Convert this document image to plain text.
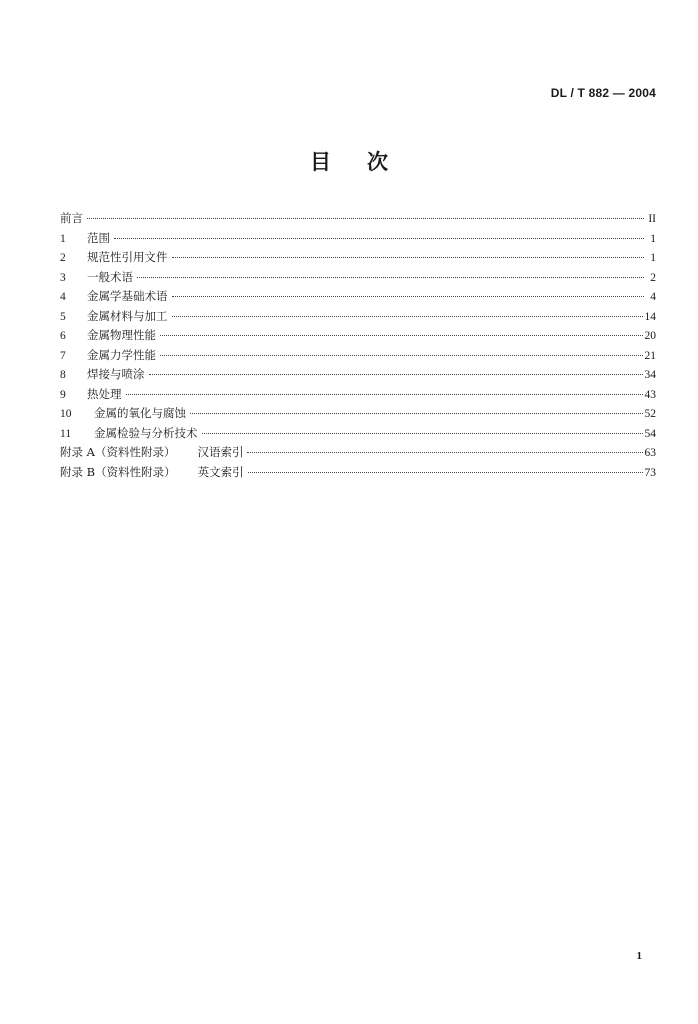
DL / T 882 — 2004
目次
前言	II
1	范围	1
2	规范性引用文件	1
3	一般术语	2
4	金属学基础术语	4
5	金属材料与加工	14
6	金属物理性能	20
7	金属力学性能	21
8	焊接与喷涂	34
9	热处理	43
10	金属的氧化与腐蚀	52
11	金属检验与分析技术	54
附录 A（资料性附录） 汉语索引	63
附录 B（资料性附录） 英文索引	73
1
